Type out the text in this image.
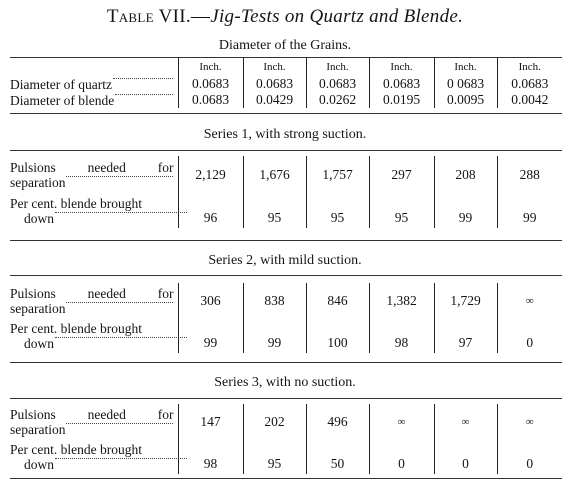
Table VII.—Jig-Tests on Quartz and Blende.
Diameter of the Grains.

	Inch.	Inch.	Inch.	Inch.	Inch.	Inch.

Diameter of quartz	0.0683	0.0683	0.0683	0.0683	0 0683	0.0683

Diameter of blende	0.0683	0.0429	0.0262	0.0195	0.0095	0.0042
Series 1, with strong suction.
Pulsions needed for
separation	2,129	1,676	1,757	297	208	288

Per cent. blende brought
down	96	95	95	95	99	99
Series 2, with mild suction.
Pulsions needed for
separation	306	838	846	1,382	1,729	∞

Per cent. blende brought
down	99	99	100	98	97	0
Series 3, with no suction.
Pulsions needed for
separation	147	202	496	∞	∞	∞

Per cent. blende brought
down	98	95	50	0	0	0
